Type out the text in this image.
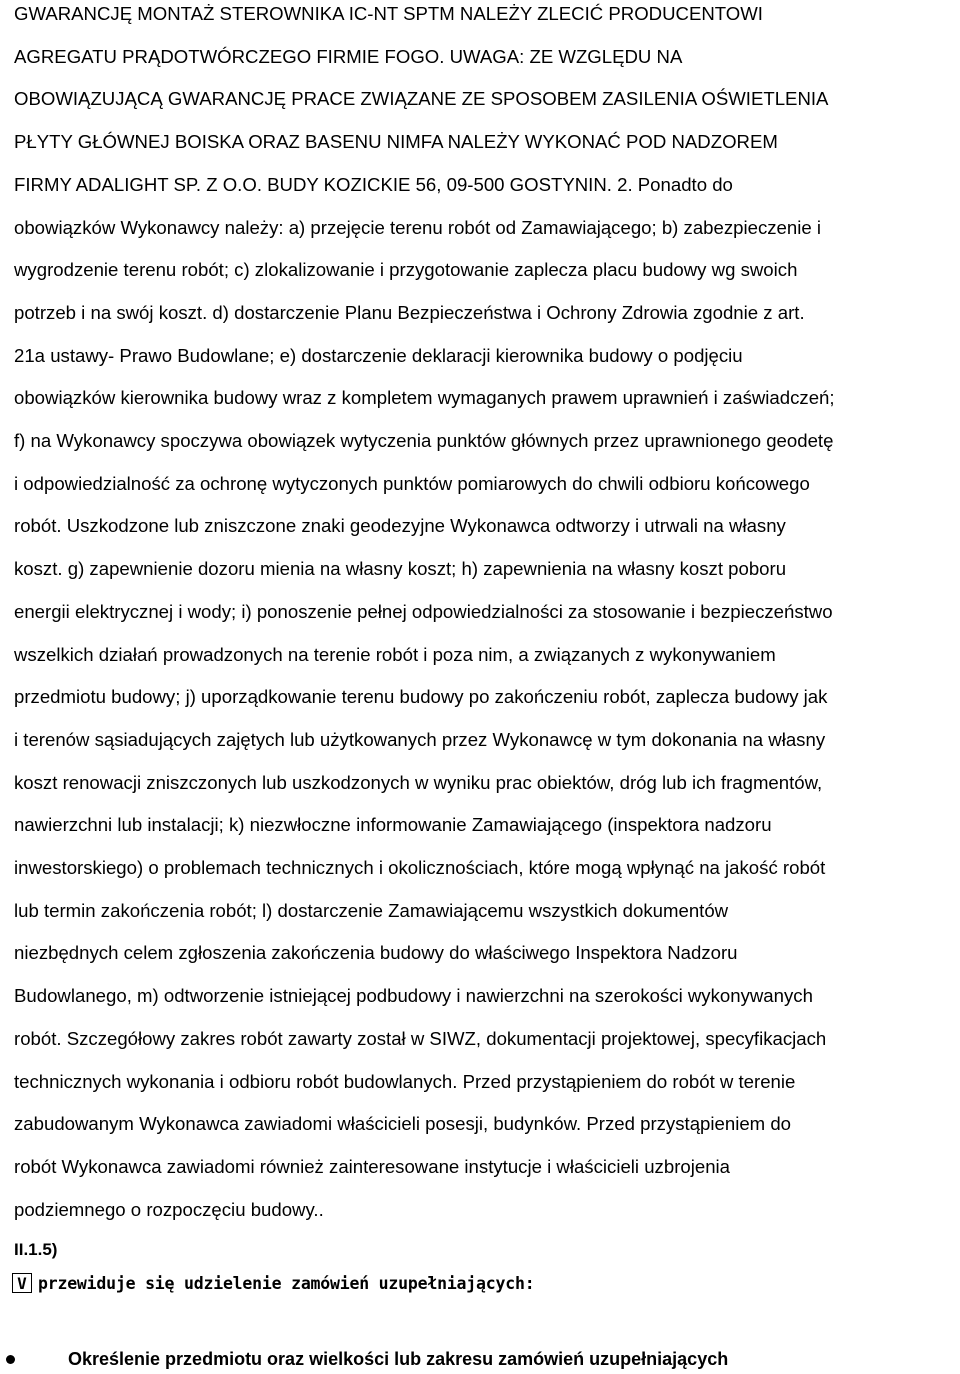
GWARANCJĘ MONTAŻ STEROWNIKA IC-NT SPTM NALEŻY ZLECIĆ PRODUCENTOWI
AGREGATU PRĄDOTWÓRCZEGO FIRMIE FOGO. UWAGA: ZE WZGLĘDU NA
OBOWIĄZUJĄCĄ GWARANCJĘ PRACE ZWIĄZANE ZE SPOSOBEM ZASILENIA OŚWIETLENIA
PŁYTY GŁÓWNEJ BOISKA ORAZ BASENU NIMFA NALEŻY WYKONAĆ POD NADZOREM
FIRMY ADALIGHT SP. Z O.O. BUDY KOZICKIE 56, 09-500 GOSTYNIN. 2. Ponadto do
obowiązków Wykonawcy należy: a) przejęcie terenu robót od Zamawiającego; b) zabezpieczenie i
wygrodzenie terenu robót; c) zlokalizowanie i przygotowanie zaplecza placu budowy wg swoich
potrzeb i na swój koszt. d) dostarczenie Planu Bezpieczeństwa i Ochrony Zdrowia zgodnie z art.
21a ustawy- Prawo Budowlane; e) dostarczenie deklaracji kierownika budowy o podjęciu
obowiązków kierownika budowy wraz z kompletem wymaganych prawem uprawnień i zaświadczeń;
f) na Wykonawcy spoczywa obowiązek wytyczenia punktów głównych przez uprawnionego geodetę
i odpowiedzialność za ochronę wytyczonych punktów pomiarowych do chwili odbioru końcowego
robót. Uszkodzone lub zniszczone znaki geodezyjne Wykonawca odtworzy i utrwali na własny
koszt. g) zapewnienie dozoru mienia na własny koszt; h) zapewnienia na własny koszt poboru
energii elektrycznej i wody; i) ponoszenie pełnej odpowiedzialności za stosowanie i bezpieczeństwo
wszelkich działań prowadzonych na terenie robót i poza nim, a związanych z wykonywaniem
przedmiotu budowy; j) uporządkowanie terenu budowy po zakończeniu robót, zaplecza budowy jak
i terenów sąsiadujących zajętych lub użytkowanych przez Wykonawcę w tym dokonania na własny
koszt renowacji zniszczonych lub uszkodzonych w wyniku prac obiektów, dróg lub ich fragmentów,
nawierzchni lub instalacji; k) niezwłoczne informowanie Zamawiającego (inspektora nadzoru
inwestorskiego) o problemach technicznych i okolicznościach, które mogą wpłynąć na jakość robót
lub termin zakończenia robót; l) dostarczenie Zamawiającemu wszystkich dokumentów
niezbędnych celem zgłoszenia zakończenia budowy do właściwego Inspektora Nadzoru
Budowlanego, m) odtworzenie istniejącej podbudowy i nawierzchni na szerokości wykonywanych
robót. Szczegółowy zakres robót zawarty został w SIWZ, dokumentacji projektowej, specyfikacjach
technicznych wykonania i odbioru robót budowlanych. Przed przystąpieniem do robót w terenie
zabudowanym Wykonawca zawiadomi właścicieli posesji, budynków. Przed przystąpieniem do
robót Wykonawca zawiadomi również zainteresowane instytucje i właścicieli uzbrojenia
podziemnego o rozpoczęciu budowy..
II.1.5)
V przewiduje się udzielenie zamówień uzupełniających:
Określenie przedmiotu oraz wielkości lub zakresu zamówień uzupełniających
